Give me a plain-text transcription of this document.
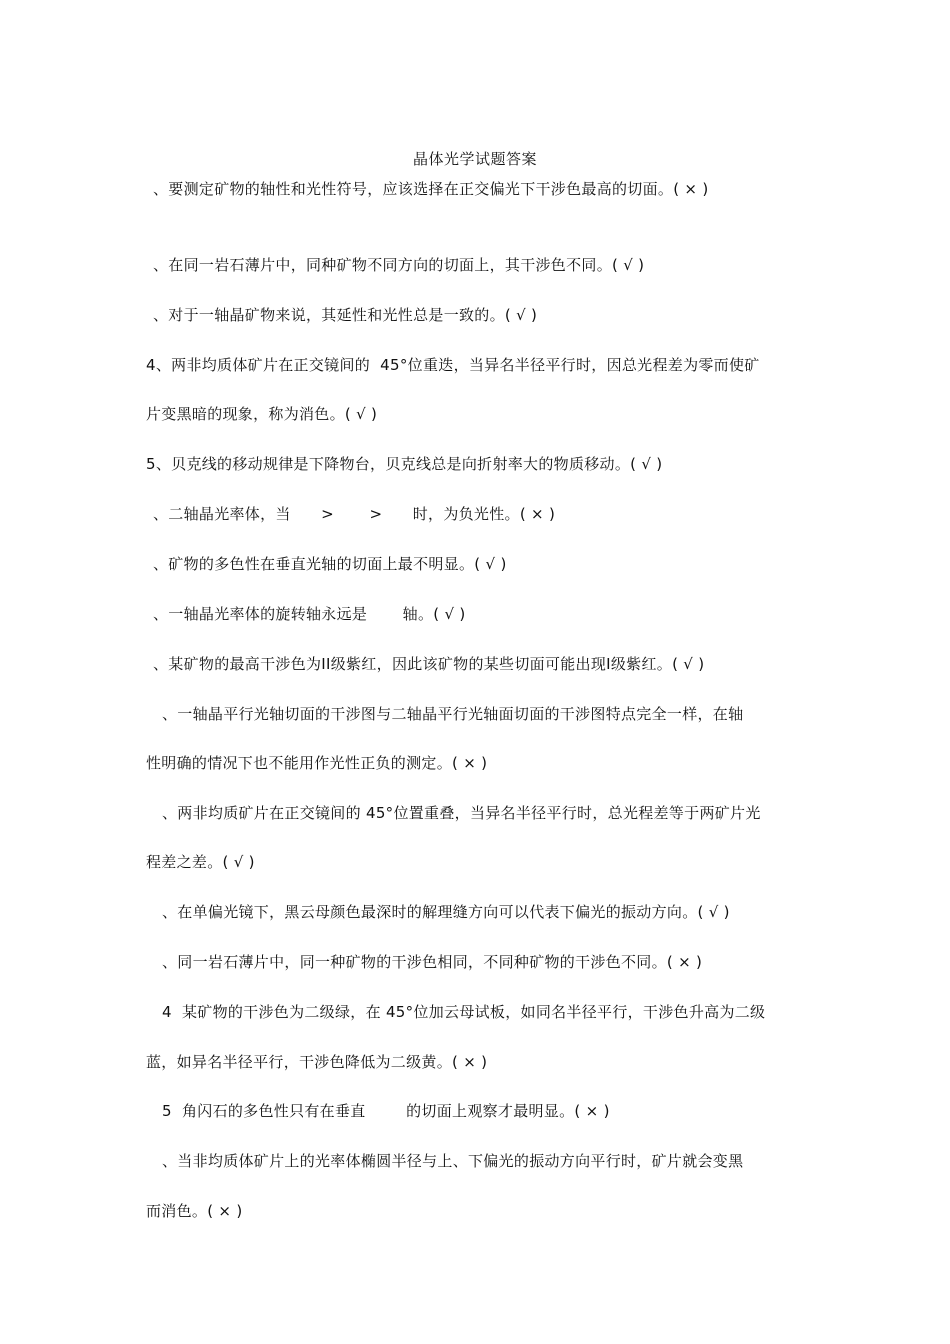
晶体光学试题答案
、要测定矿物的轴性和光性符号，应该选择在正交偏光下干涉色最高的切面。( × )
、在同一岩石薄片中，同种矿物不同方向的切面上，其干涉色不同。( √ )
、对于一轴晶矿物来说，其延性和光性总是一致的。( √ )
4、两非均质体矿片在正交镜间的  45°位重迭，当异名半径平行时，因总光程差为零而使矿
片变黑暗的现象，称为消色。( √ )
5、贝克线的移动规律是下降物台，贝克线总是向折射率大的物质移动。( √ )
、二轴晶光率体，当      >       >      时，为负光性。( × )
、矿物的多色性在垂直光轴的切面上最不明显。( √ )
、一轴晶光率体的旋转轴永远是       轴。( √ )
、某矿物的最高干涉色为II级紫红，因此该矿物的某些切面可能出现I级紫红。( √ )
、一轴晶平行光轴切面的干涉图与二轴晶平行光轴面切面的干涉图特点完全一样，在轴
性明确的情况下也不能用作光性正负的测定。( × )
、两非均质矿片在正交镜间的 45°位置重叠，当异名半径平行时，总光程差等于两矿片光
程差之差。( √ )
、在单偏光镜下，黑云母颜色最深时的解理缝方向可以代表下偏光的振动方向。( √ )
、同一岩石薄片中，同一种矿物的干涉色相同，不同种矿物的干涉色不同。( × )
4  某矿物的干涉色为二级绿，在 45°位加云母试板，如同名半径平行，干涉色升高为二级
蓝，如异名半径平行，干涉色降低为二级黄。( × )
5  角闪石的多色性只有在垂直        的切面上观察才最明显。( × )
、当非均质体矿片上的光率体椭圆半径与上、下偏光的振动方向平行时，矿片就会变黑
而消色。( × )
